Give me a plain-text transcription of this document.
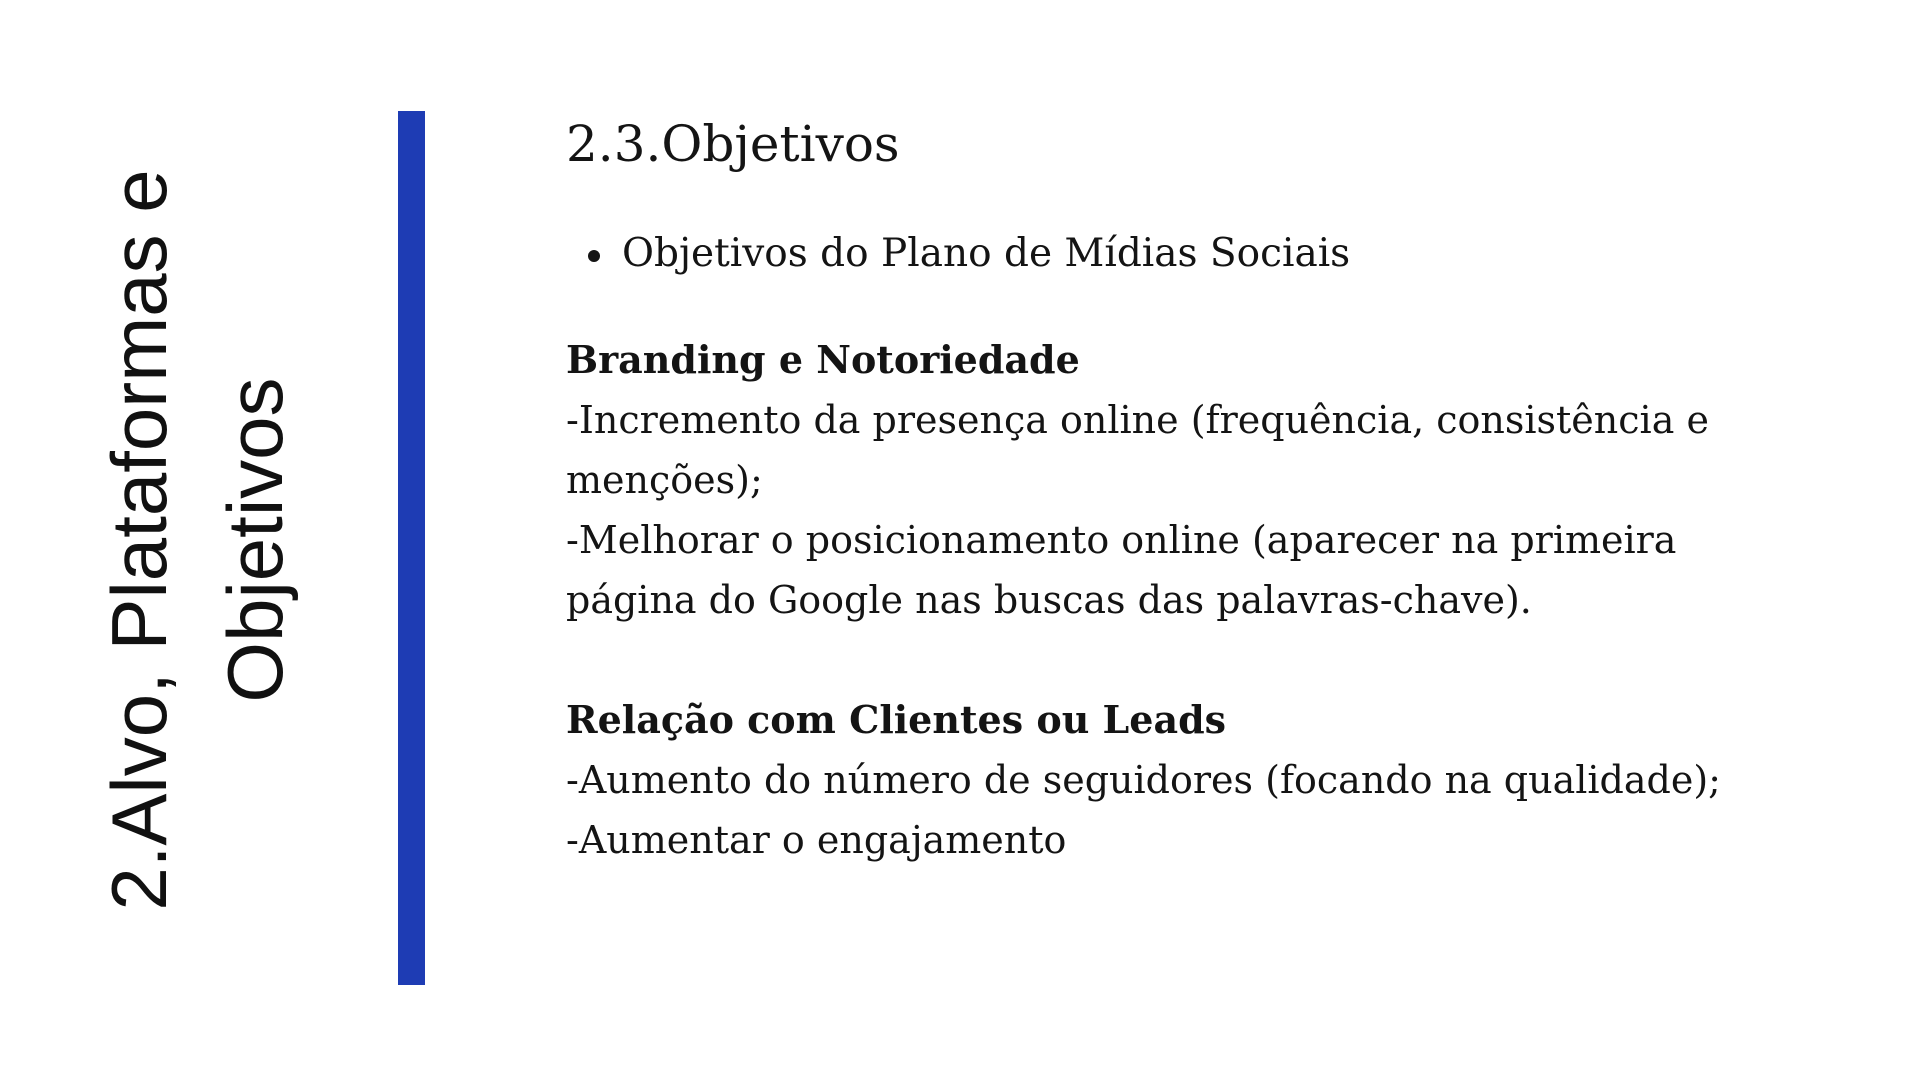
2.Alvo, Plataformas e Objetivos
2.3.Objetivos
Objetivos do Plano de Mídias Sociais
Branding e Notoriedade
-Incremento da presença online (frequência, consistência e
menções);
-Melhorar o posicionamento online (aparecer na primeira
página do Google nas buscas das palavras-chave).
Relação com Clientes ou Leads
-Aumento do número de seguidores (focando na qualidade);
-Aumentar o engajamento
